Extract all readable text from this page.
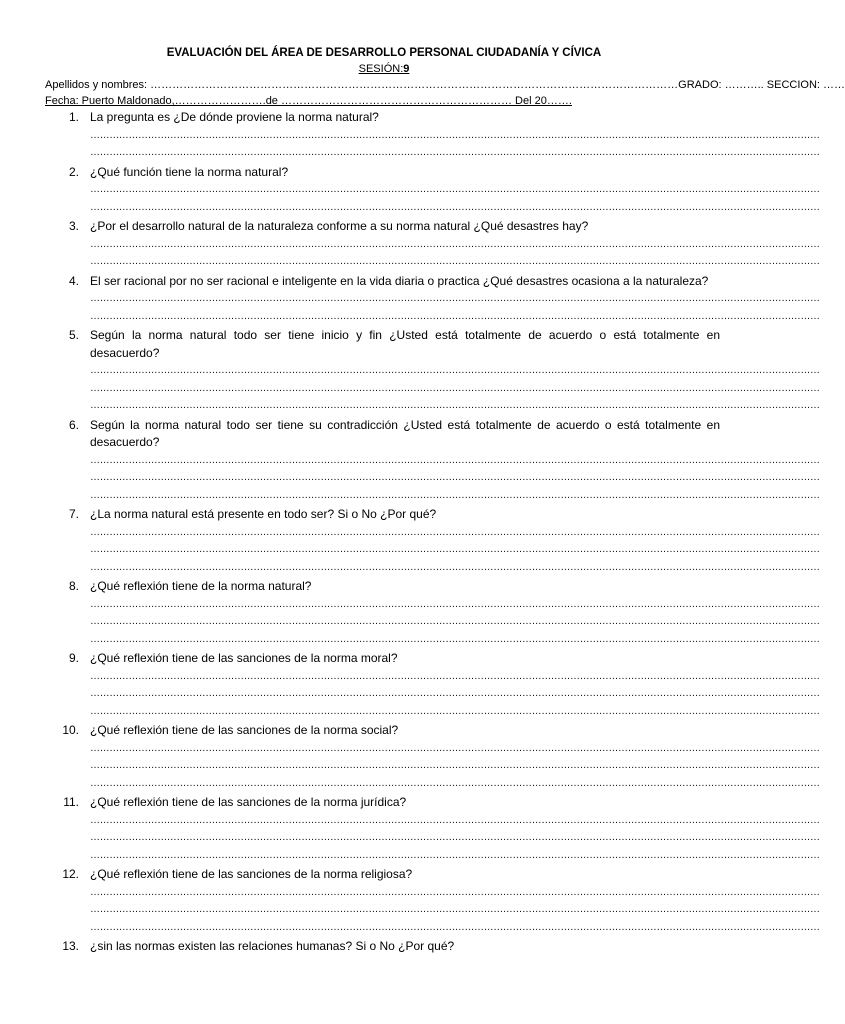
EVALUACIÓN DEL ÁREA DE DESARROLLO PERSONAL CIUDADANÍA Y CÍVICA
SESIÓN:9
Apellidos y nombres: ………………………………………………………………………………………………………………………………GRADO: ……….. SECCION: ……
Fecha: Puerto Maldonado,…………………….de ……………………………………………………… Del 20…….
1. La pregunta es ¿De dónde proviene la norma natural?
…………………………………………………………………………………………………………………………………………………………………………………………………………
…………………………………………………………………………………………………………………………………………………………………………………………………………
2. ¿Qué función tiene la norma natural?
…………………………………………………………………………………………………………………………………………………………………………………………………………
…………………………………………………………………………………………………………………………………………………………………………………………………………
3. ¿Por el desarrollo natural de la naturaleza conforme a su norma natural ¿Qué desastres hay?
…………………………………………………………………………………………………………………………………………………………………………………………………………
…………………………………………………………………………………………………………………………………………………………………………………………………………
4. El ser racional por no ser racional e inteligente en la vida diaria o practica ¿Qué desastres ocasiona a la naturaleza?
…………………………………………………………………………………………………………………………………………………………………………………………………………
…………………………………………………………………………………………………………………………………………………………………………………………………………
5. Según la norma natural todo ser tiene inicio y fin ¿Usted está totalmente de acuerdo o está totalmente en desacuerdo?
…………………………………………………………………………………………………………………………………………………………………………………………………………
…………………………………………………………………………………………………………………………………………………………………………………………………………
…………………………………………………………………………………………………………………………………………………………………………………………………………
6. Según la norma natural todo ser tiene su contradicción ¿Usted está totalmente de acuerdo o está totalmente en desacuerdo?
…………………………………………………………………………………………………………………………………………………………………………………………………………
…………………………………………………………………………………………………………………………………………………………………………………………………………
…………………………………………………………………………………………………………………………………………………………………………………………………………
7. ¿La norma natural está presente en todo ser? Si o No ¿Por qué?
…………………………………………………………………………………………………………………………………………………………………………………………………………
…………………………………………………………………………………………………………………………………………………………………………………………………………
…………………………………………………………………………………………………………………………………………………………………………………………………………
8. ¿Qué reflexión tiene de la norma natural?
…………………………………………………………………………………………………………………………………………………………………………………………………………
…………………………………………………………………………………………………………………………………………………………………………………………………………
…………………………………………………………………………………………………………………………………………………………………………………………………………
9. ¿Qué reflexión tiene de las sanciones de la norma moral?
…………………………………………………………………………………………………………………………………………………………………………………………………………
…………………………………………………………………………………………………………………………………………………………………………………………………………
…………………………………………………………………………………………………………………………………………………………………………………………………………
10. ¿Qué reflexión tiene de las sanciones de la norma social?
…………………………………………………………………………………………………………………………………………………………………………………………………………
…………………………………………………………………………………………………………………………………………………………………………………………………………
…………………………………………………………………………………………………………………………………………………………………………………………………………
11. ¿Qué reflexión tiene de las sanciones de la norma jurídica?
…………………………………………………………………………………………………………………………………………………………………………………………………………
…………………………………………………………………………………………………………………………………………………………………………………………………………
…………………………………………………………………………………………………………………………………………………………………………………………………………
12. ¿Qué reflexión tiene de las sanciones de la norma religiosa?
…………………………………………………………………………………………………………………………………………………………………………………………………………
…………………………………………………………………………………………………………………………………………………………………………………………………………
…………………………………………………………………………………………………………………………………………………………………………………………………………
13. ¿sin las normas existen las relaciones humanas? Si o No ¿Por qué?
